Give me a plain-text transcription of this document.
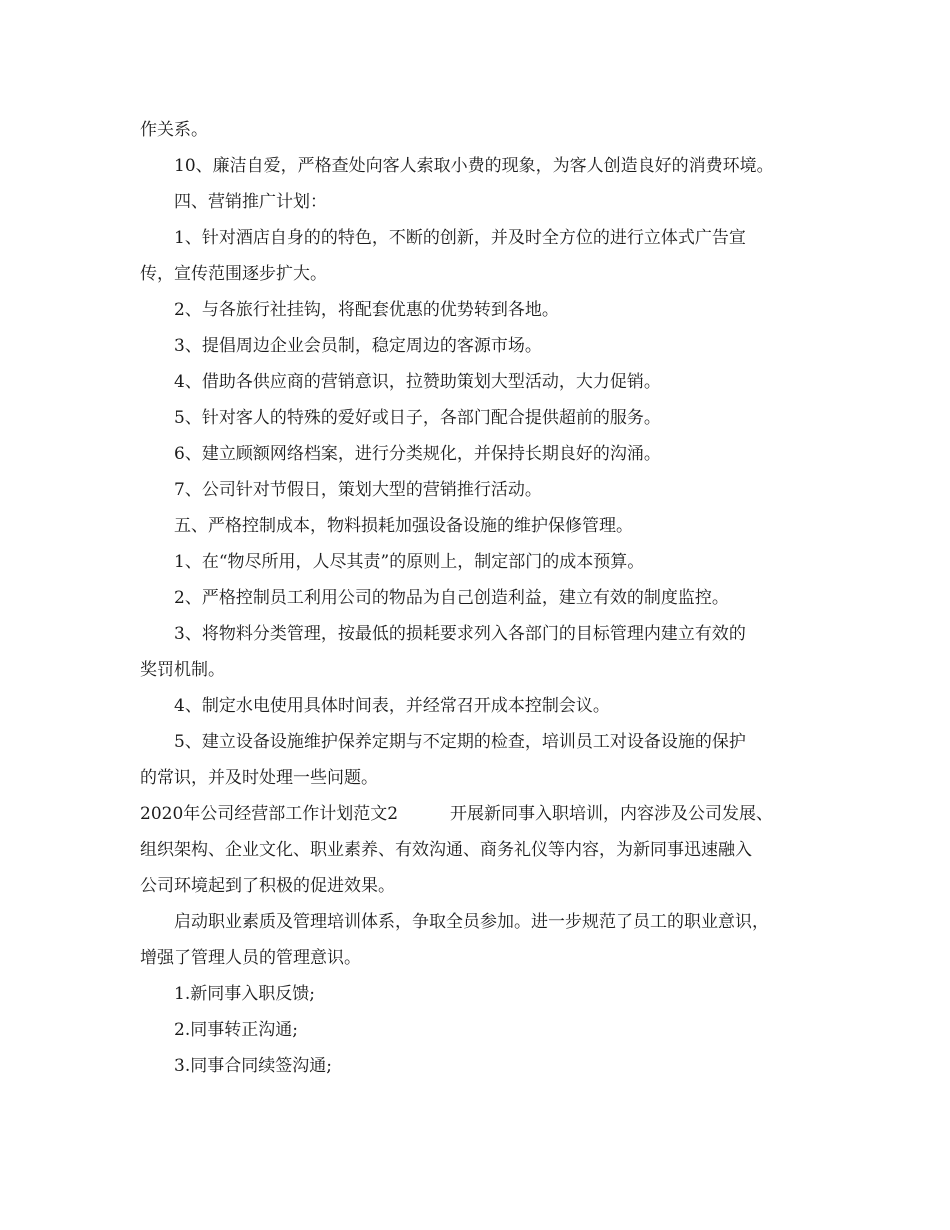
作关系。
10、廉洁自爱，严格查处向客人索取小费的现象，为客人创造良好的消费环境。
四、营销推广计划：
1、针对酒店自身的的特色，不断的创新，并及时全方位的进行立体式广告宣
传，宣传范围逐步扩大。
2、与各旅行社挂钩，将配套优惠的优势转到各地。
3、提倡周边企业会员制，稳定周边的客源市场。
4、借助各供应商的营销意识，拉赞助策划大型活动，大力促销。
5、针对客人的特殊的爱好或日子，各部门配合提供超前的服务。
6、建立顾额网络档案，进行分类规化，并保持长期良好的沟涌。
7、公司针对节假日，策划大型的营销推行活动。
五、严格控制成本，物料损耗加强设备设施的维护保修管理。
1、在“物尽所用，人尽其责”的原则上，制定部门的成本预算。
2、严格控制员工利用公司的物品为自己创造利益，建立有效的制度监控。
3、将物料分类管理，按最低的损耗要求列入各部门的目标管理内建立有效的
奖罚机制。
4、制定水电使用具体时间表，并经常召开成本控制会议。
5、建立设备设施维护保养定期与不定期的检查，培训员工对设备设施的保护
的常识，并及时处理一些问题。
2020年公司经营部工作计划范文2	开展新同事入职培训，内容涉及公司发展、
组织架构、企业文化、职业素养、有效沟通、商务礼仪等内容，为新同事迅速融入
公司环境起到了积极的促进效果。
启动职业素质及管理培训体系，争取全员参加。进一步规范了员工的职业意识，
增强了管理人员的管理意识。
1.新同事入职反馈;
2.同事转正沟通;
3.同事合同续签沟通;
